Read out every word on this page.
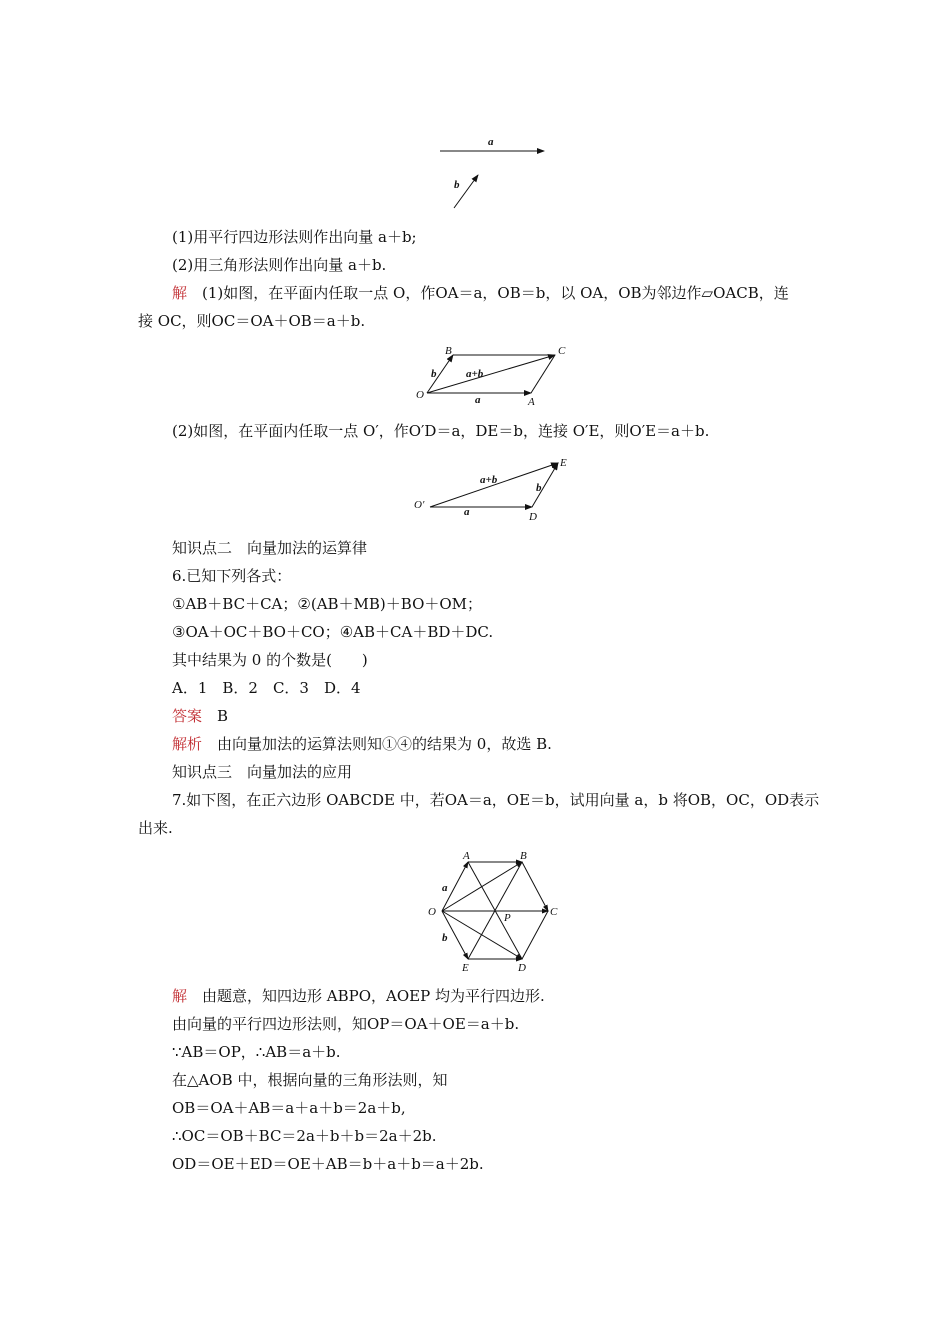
a
b
(1)用平行四边形法则作出向量 a＋b;
(2)用三角形法则作出向量 a＋b.
解　 (1)如图，在平面内任取一点 O，作OA＝a，OB＝b，以 OA，OB为邻边作▱OACB，连
接 OC，则OC＝OA＋OB＝a＋b.
B	C
O
A
a+b
a
b
(2)如图，在平面内任取一点 O′，作O′D＝a，DE＝b，连接 O′E，则O′E＝a＋b.
E
O′
D
a+b
a
b
知识点二　向量加法的运算律
6.已知下列各式：
①AB＋BC＋CA；②(AB＋MB)＋BO＋OM；
③OA＋OC＋BO＋CO；④AB＋CA＋BD＋DC.
其中结果为 0 的个数是(　　)
A．1　B．2　C．3　D．4
答案　 B
解析　 由向量加法的运算法则知①④的结果为 0，故选 B.
知识点三　向量加法的应用
7.如下图，在正六边形 OABCDE 中，若OA＝a，OE＝b，试用向量 a，b 将OB，OC，OD表示
出来.
A	B
C
D
E
O	P
a
b
解　 由题意，知四边形 ABPO，AOEP 均为平行四边形.
由向量的平行四边形法则，知OP＝OA＋OE＝a＋b.
∵AB＝OP，∴AB＝a＋b.
在△AOB 中，根据向量的三角形法则，知
OB＝OA＋AB＝a＋a＋b＝2a＋b,
∴OC＝OB＋BC＝2a＋b＋b＝2a＋2b.
OD＝OE＋ED＝OE＋AB＝b＋a＋b＝a＋2b.
